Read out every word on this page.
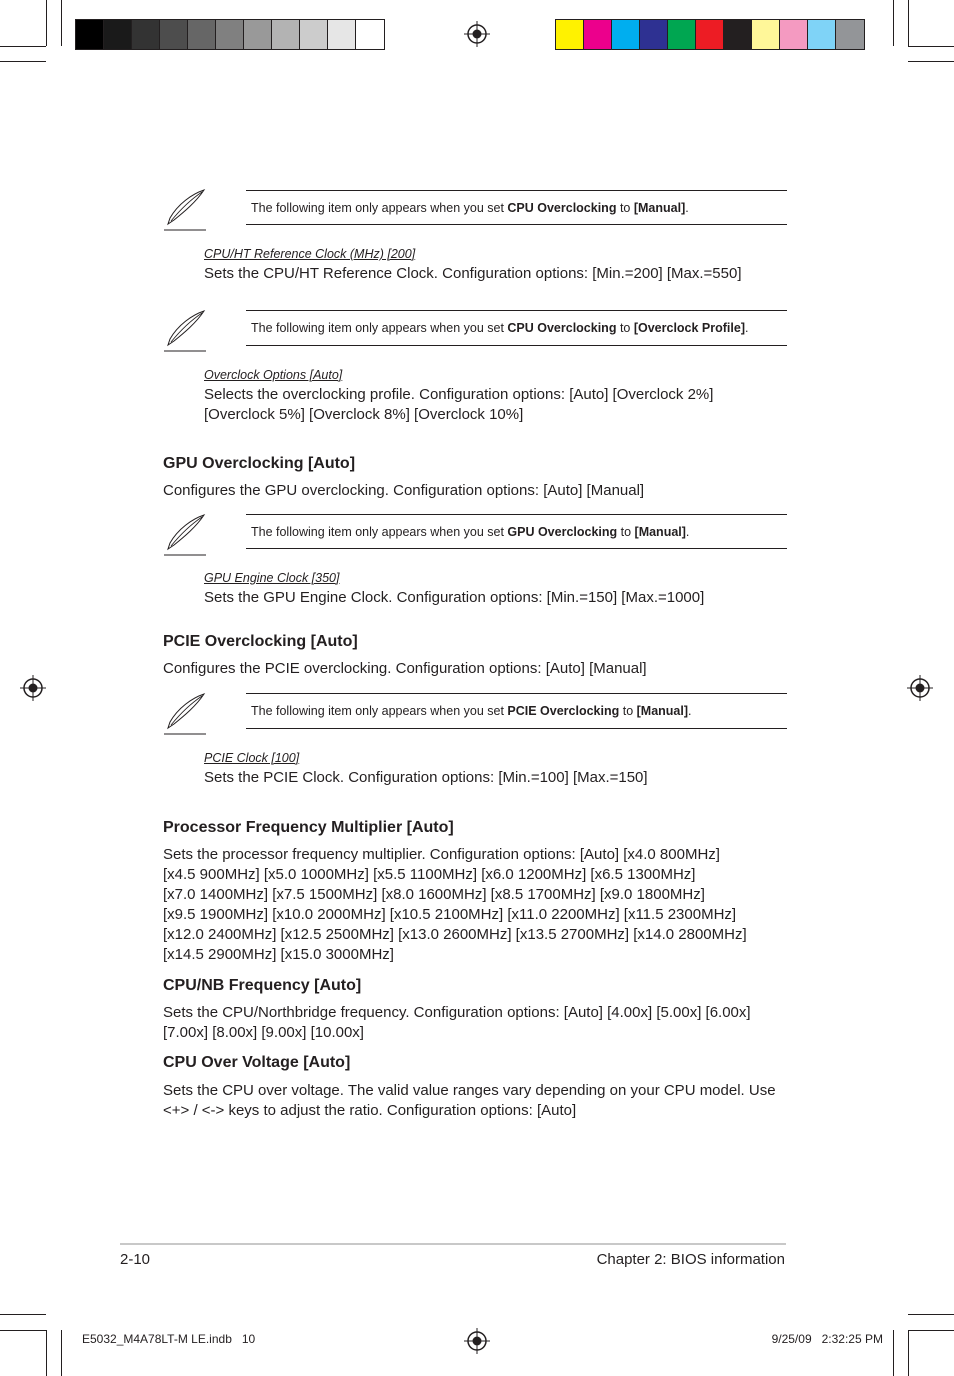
The following item only appears when you set CPU Overclocking to [Manual].
CPU/HT Reference Clock (MHz) [200]
Sets the CPU/HT Reference Clock. Configuration options: [Min.=200] [Max.=550]
The following item only appears when you set CPU Overclocking to [Overclock Profile].
Overclock Options [Auto]
Selects the overclocking profile. Configuration options: [Auto] [Overclock 2%]
[Overclock 5%] [Overclock 8%] [Overclock 10%]
GPU Overclocking [Auto]
Configures the GPU overclocking. Configuration options: [Auto] [Manual]
The following item only appears when you set GPU Overclocking to [Manual].
GPU Engine Clock [350]
Sets the GPU Engine Clock. Configuration options: [Min.=150] [Max.=1000]
PCIE Overclocking [Auto]
Configures the PCIE overclocking. Configuration options: [Auto] [Manual]
The following item only appears when you set PCIE Overclocking to [Manual].
PCIE Clock [100]
Sets the PCIE Clock. Configuration options: [Min.=100] [Max.=150]
Processor Frequency Multiplier [Auto]
Sets the processor frequency multiplier. Configuration options: [Auto] [x4.0 800MHz]
[x4.5 900MHz] [x5.0 1000MHz] [x5.5 1100MHz] [x6.0 1200MHz] [x6.5 1300MHz]
[x7.0 1400MHz] [x7.5 1500MHz] [x8.0 1600MHz] [x8.5 1700MHz] [x9.0 1800MHz]
[x9.5 1900MHz] [x10.0 2000MHz] [x10.5 2100MHz] [x11.0 2200MHz] [x11.5 2300MHz]
[x12.0 2400MHz] [x12.5 2500MHz] [x13.0 2600MHz] [x13.5 2700MHz] [x14.0 2800MHz]
[x14.5 2900MHz] [x15.0 3000MHz]
CPU/NB Frequency [Auto]
Sets the CPU/Northbridge frequency. Configuration options: [Auto] [4.00x] [5.00x] [6.00x]
[7.00x] [8.00x] [9.00x] [10.00x]
CPU Over Voltage [Auto]
Sets the CPU over voltage. The valid value ranges vary depending on your CPU model. Use
<+> / <-> keys to adjust the ratio. Configuration options: [Auto]
2-10	Chapter 2: BIOS information
E5032_M4A78LT-M LE.indb   10	9/25/09   2:32:25 PM
